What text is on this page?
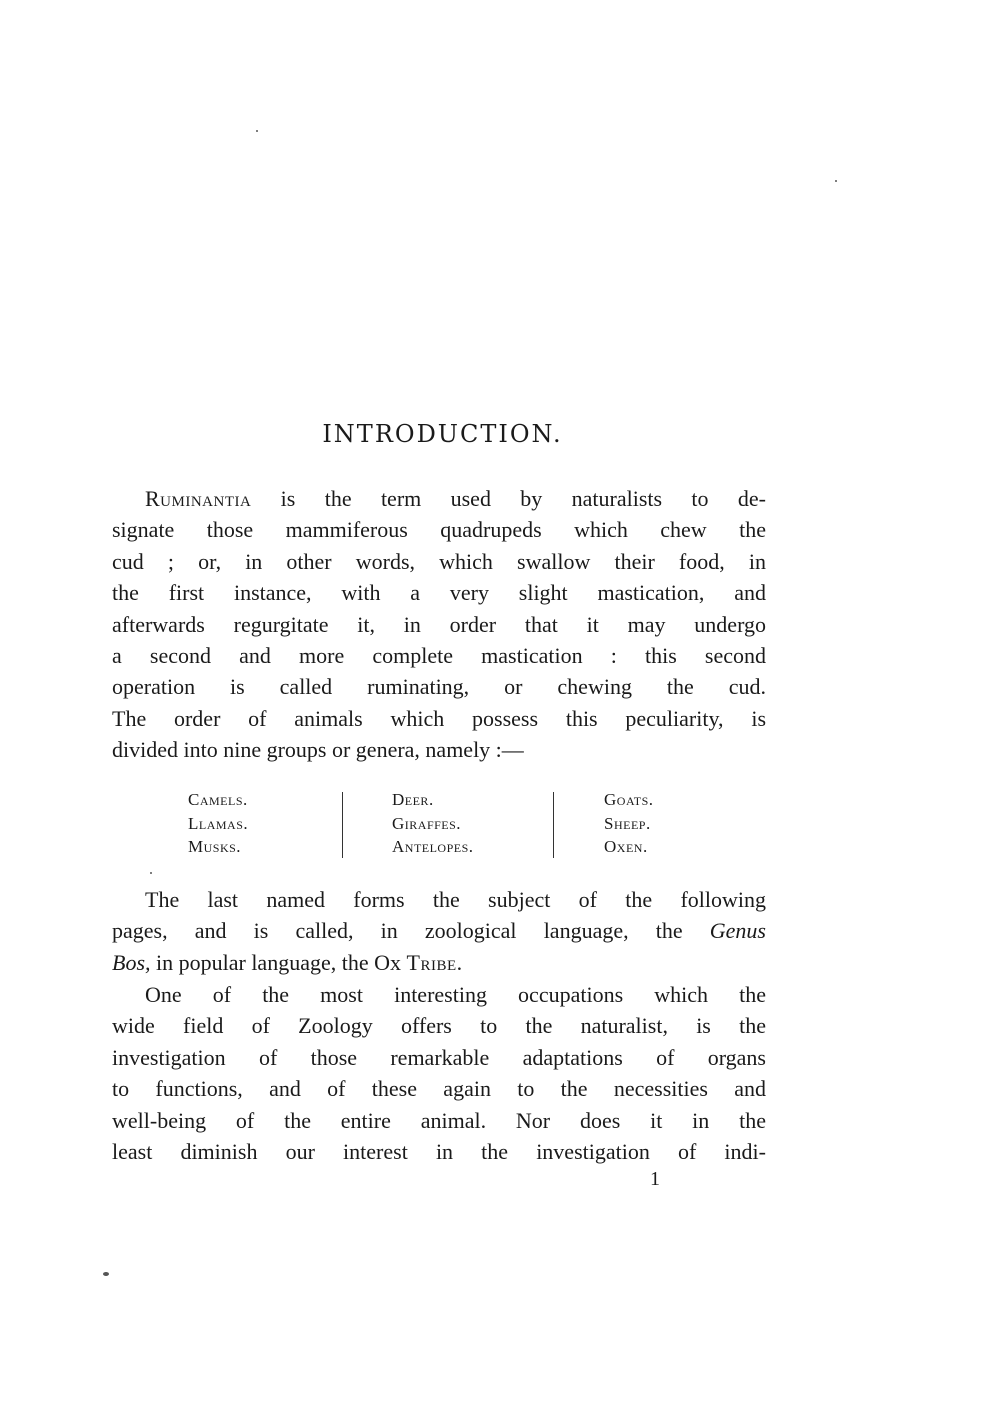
INTRODUCTION.
Ruminantia is the term used by naturalists to de-
signate those mammiferous quadrupeds which chew the
cud ; or, in other words, which swallow their food, in
the first instance, with a very slight mastication, and
afterwards regurgitate it, in order that it may undergo
a second and more complete mastication : this second
operation is called ruminating, or chewing the cud.
The order of animals which possess this peculiarity, is
divided into nine groups or genera, namely :—
Camels.
Llamas.
Musks.
Deer.
Giraffes.
Antelopes.
Goats.
Sheep.
Oxen.
The last named forms the subject of the following
pages, and is called, in zoological language, the Genus
Bos, in popular language, the Ox Tribe.
One of the most interesting occupations which the
wide field of Zoology offers to the naturalist, is the
investigation of those remarkable adaptations of organs
to functions, and of these again to the necessities and
well-being of the entire animal. Nor does it in the
least diminish our interest in the investigation of indi-
1
